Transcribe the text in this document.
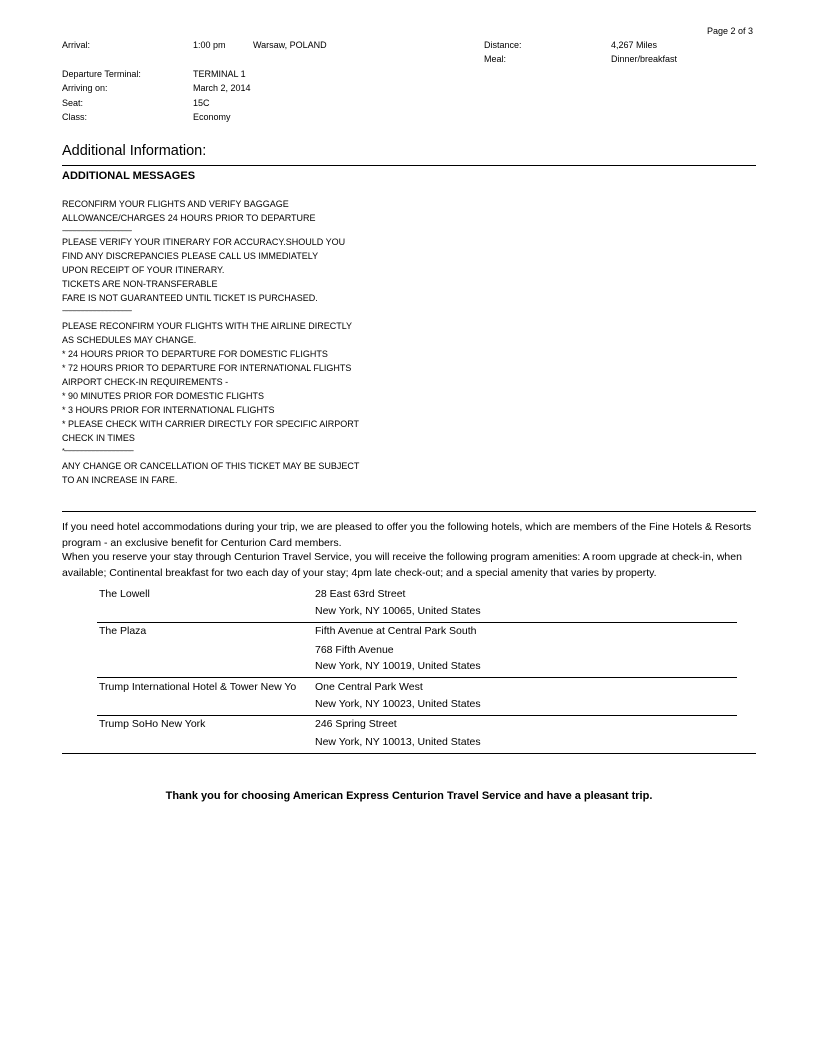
Page 2 of 3
Arrival:	1:00 pm	Warsaw, POLAND	Distance:	4,267 Miles
Meal:	Dinner/breakfast
Departure Terminal:	TERMINAL 1
Arriving on:	March 2, 2014
Seat:	15C
Class:	Economy
Additional Information:
ADDITIONAL MESSAGES
RECONFIRM YOUR FLIGHTS AND VERIFY BAGGAGE
ALLOWANCE/CHARGES 24 HOURS PRIOR TO DEPARTURE
----------------------------------------------------
PLEASE VERIFY YOUR ITINERARY FOR ACCURACY.SHOULD YOU
FIND ANY DISCREPANCIES PLEASE CALL US IMMEDIATELY
UPON RECEIPT OF YOUR ITINERARY.
TICKETS ARE NON-TRANSFERABLE
FARE IS NOT GUARANTEED UNTIL TICKET IS PURCHASED.
----------------------------------------------------
PLEASE RECONFIRM YOUR FLIGHTS WITH THE AIRLINE DIRECTLY
AS SCHEDULES MAY CHANGE.
* 24 HOURS PRIOR TO DEPARTURE FOR DOMESTIC FLIGHTS
* 72 HOURS PRIOR TO DEPARTURE FOR INTERNATIONAL FLIGHTS
AIRPORT CHECK-IN REQUIREMENTS -
* 90 MINUTES PRIOR FOR DOMESTIC FLIGHTS
* 3 HOURS PRIOR FOR INTERNATIONAL FLIGHTS
* PLEASE CHECK WITH CARRIER DIRECTLY FOR SPECIFIC AIRPORT
CHECK IN TIMES
*----------------------------------------------------
ANY CHANGE OR CANCELLATION OF THIS TICKET MAY BE SUBJECT
TO AN INCREASE IN FARE.
If you need hotel accommodations during your trip, we are pleased to offer you the following hotels, which are members of the Fine Hotels & Resorts program - an exclusive benefit for Centurion Card members.
When you reserve your stay through Centurion Travel Service, you will receive the following program amenities: A room upgrade at check-in, when available; Continental breakfast for two each day of your stay; 4pm late check-out; and a special amenity that varies by property.
The Lowell	28 East 63rd Street
New York, NY 10065, United States
The Plaza	Fifth Avenue at Central Park South
768 Fifth Avenue
New York, NY 10019, United States
Trump International Hotel & Tower New Yo	One Central Park West
New York, NY 10023, United States
Trump SoHo New York	246 Spring Street
New York, NY 10013, United States
Thank you for choosing American Express Centurion Travel Service and have a pleasant trip.
